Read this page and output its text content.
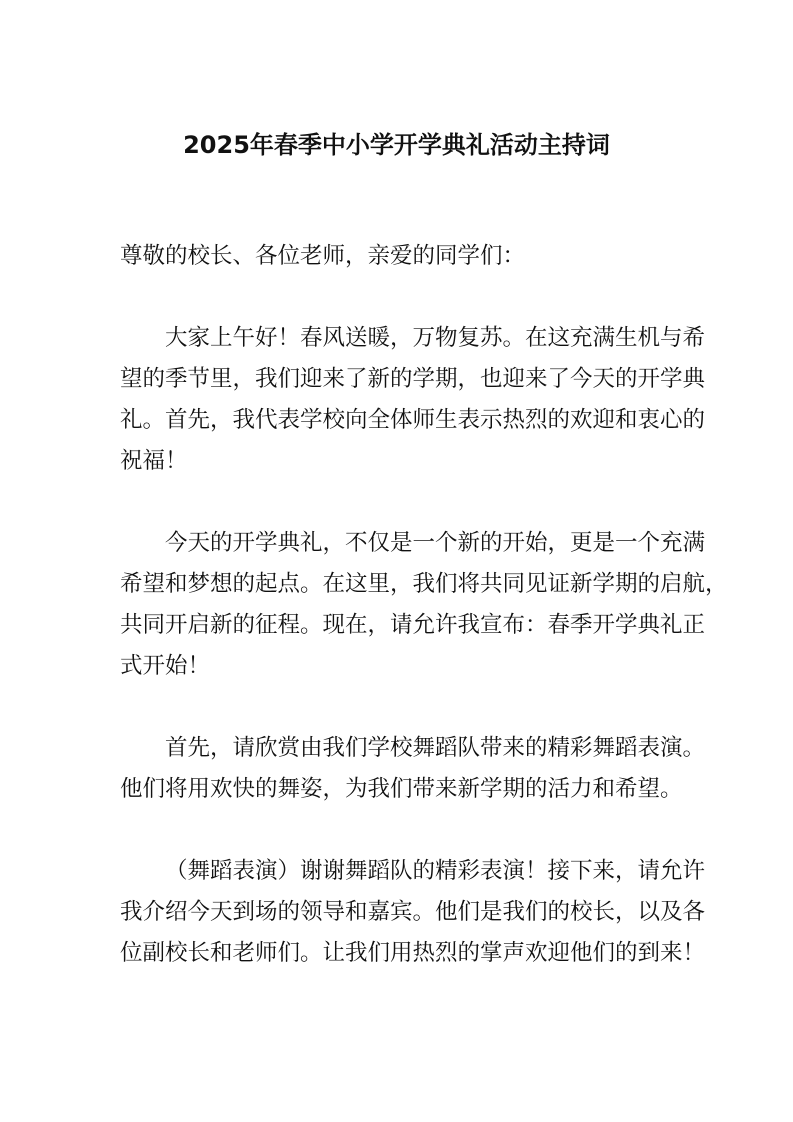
2025年春季中小学开学典礼活动主持词
尊敬的校长、各位老师，亲爱的同学们：
大家上午好！春风送暖，万物复苏。在这充满生机与希
望的季节里，我们迎来了新的学期，也迎来了今天的开学典
礼。首先，我代表学校向全体师生表示热烈的欢迎和衷心的
祝福！
今天的开学典礼，不仅是一个新的开始，更是一个充满
希望和梦想的起点。在这里，我们将共同见证新学期的启航，
共同开启新的征程。现在，请允许我宣布：春季开学典礼正
式开始！
首先，请欣赏由我们学校舞蹈队带来的精彩舞蹈表演。
他们将用欢快的舞姿，为我们带来新学期的活力和希望。
（舞蹈表演）谢谢舞蹈队的精彩表演！接下来，请允许
我介绍今天到场的领导和嘉宾。他们是我们的校长，以及各
位副校长和老师们。让我们用热烈的掌声欢迎他们的到来！
